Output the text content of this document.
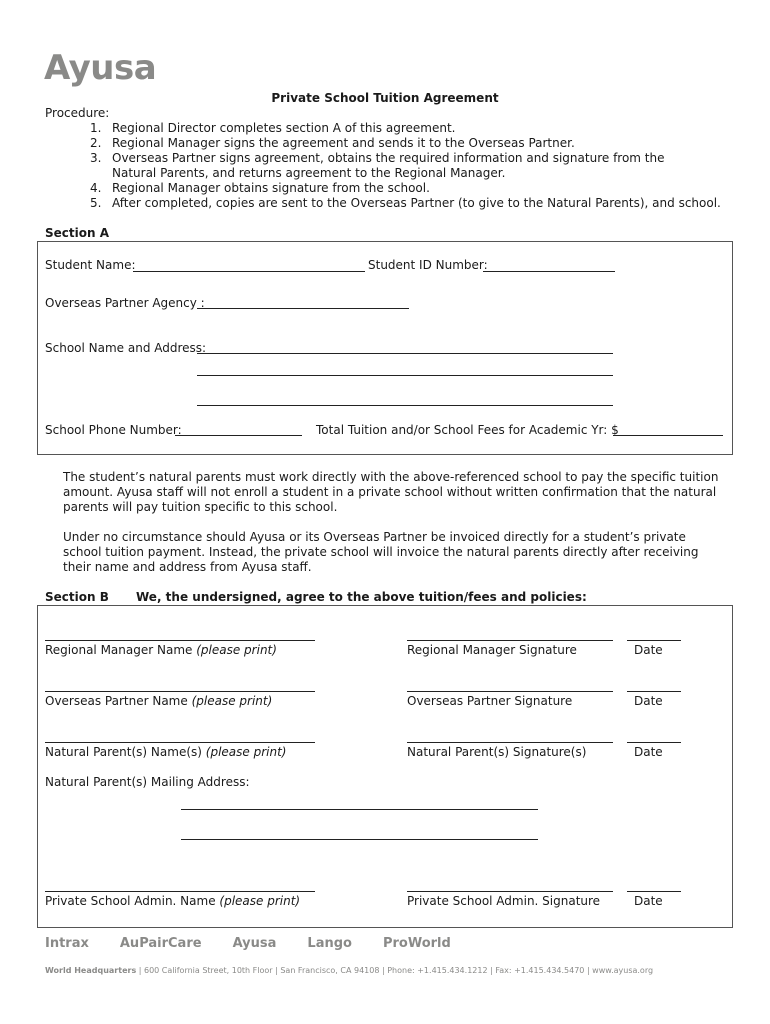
Ayusa
Private School Tuition Agreement
Procedure:
1. Regional Director completes section A of this agreement.
2. Regional Manager signs the agreement and sends it to the Overseas Partner.
3. Overseas Partner signs agreement, obtains the required information and signature from the Natural Parents, and returns agreement to the Regional Manager.
4. Regional Manager obtains signature from the school.
5. After completed, copies are sent to the Overseas Partner (to give to the Natural Parents), and school.
Section A
Student Name:	Student ID Number:
Overseas Partner Agency :
School Name and Address:
School Phone Number:	Total Tuition and/or School Fees for Academic Yr: $
The student’s natural parents must work directly with the above-referenced school to pay the specific tuition amount. Ayusa staff will not enroll a student in a private school without written confirmation that the natural parents will pay tuition specific to this school.
Under no circumstance should Ayusa or its Overseas Partner be invoiced directly for a student’s private school tuition payment. Instead, the private school will invoice the natural parents directly after receiving their name and address from Ayusa staff.
Section B We, the undersigned, agree to the above tuition/fees and policies:
Regional Manager Name (please print)	Regional Manager Signature	Date
Overseas Partner Name (please print)	Overseas Partner Signature	Date
Natural Parent(s) Name(s) (please print)	Natural Parent(s) Signature(s)	Date
Natural Parent(s) Mailing Address:
Private School Admin. Name (please print)	Private School Admin. Signature	Date
Intrax AuPairCare Ayusa Lango ProWorld
World Headquarters | 600 California Street, 10th Floor | San Francisco, CA 94108 | Phone: +1.415.434.1212 | Fax: +1.415.434.5470 | www.ayusa.org
